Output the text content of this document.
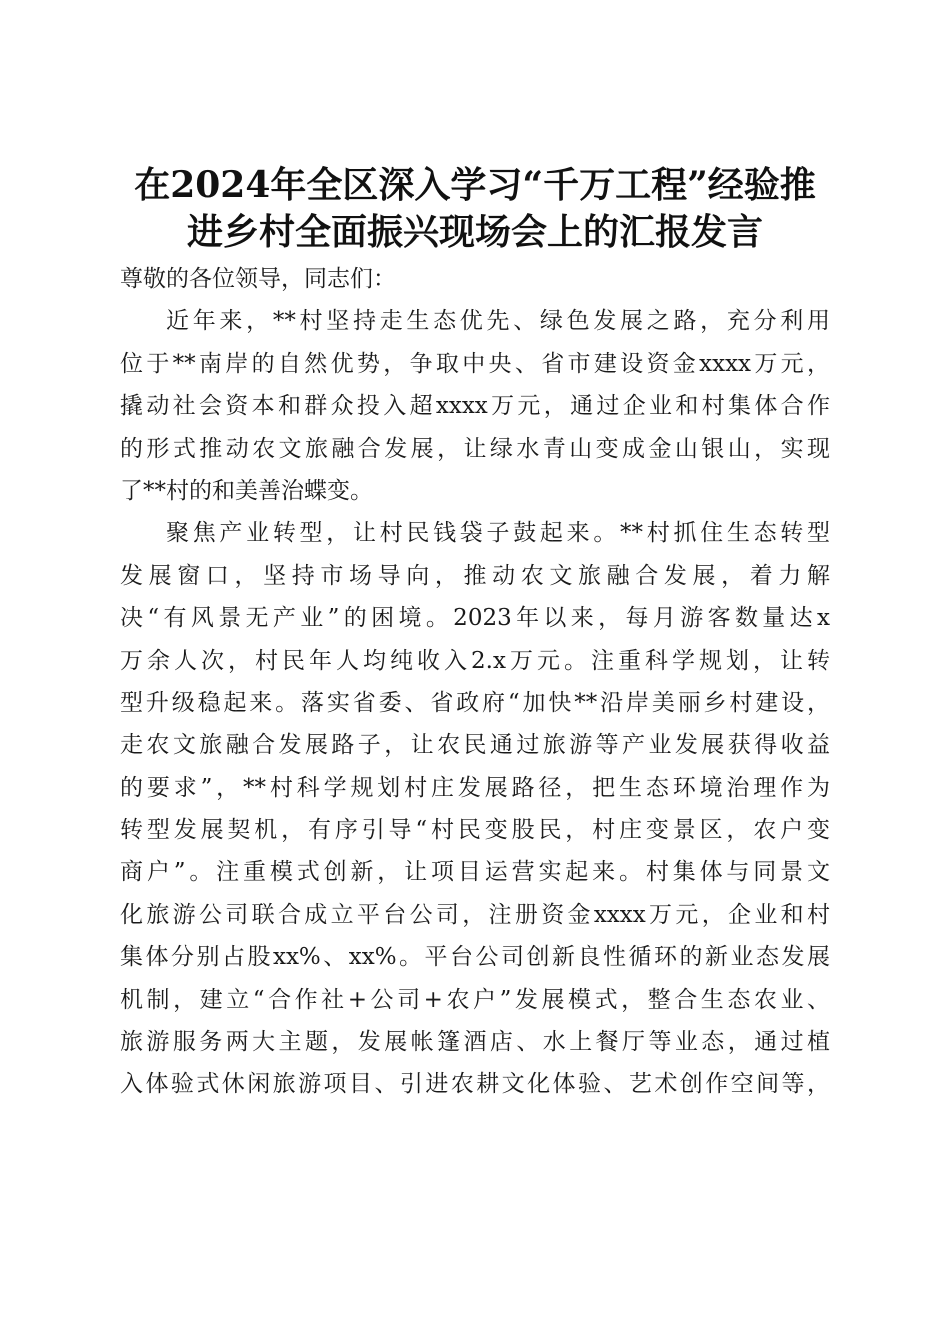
在2024年全区深入学习“千万工程”经验推
进乡村全面振兴现场会上的汇报发言

尊敬的各位领导，同志们：

近年来，**村坚持走生态优先、绿色发展之路，充分利用
位于**南岸的自然优势，争取中央、省市建设资金xxxx万元，
撬动社会资本和群众投入超xxxx万元，通过企业和村集体合作
的形式推动农文旅融合发展，让绿水青山变成金山银山，实现
了**村的和美善治蝶变。

聚焦产业转型，让村民钱袋子鼓起来。**村抓住生态转型
发展窗口，坚持市场导向，推动农文旅融合发展，着力解
决“有风景无产业”的困境。2023年以来，每月游客数量达x
万余人次，村民年人均纯收入2.x万元。注重科学规划，让转
型升级稳起来。落实省委、省政府“加快**沿岸美丽乡村建设，
走农文旅融合发展路子，让农民通过旅游等产业发展获得收益
的要求”，**村科学规划村庄发展路径，把生态环境治理作为
转型发展契机，有序引导“村民变股民，村庄变景区，农户变
商户”。注重模式创新，让项目运营实起来。村集体与同景文
化旅游公司联合成立平台公司，注册资金xxxx万元，企业和村
集体分别占股xx%、xx%。平台公司创新良性循环的新业态发展
机制，建立“合作社+公司+农户”发展模式，整合生态农业、
旅游服务两大主题，发展帐篷酒店、水上餐厅等业态，通过植
入体验式休闲旅游项目、引进农耕文化体验、艺术创作空间等，
